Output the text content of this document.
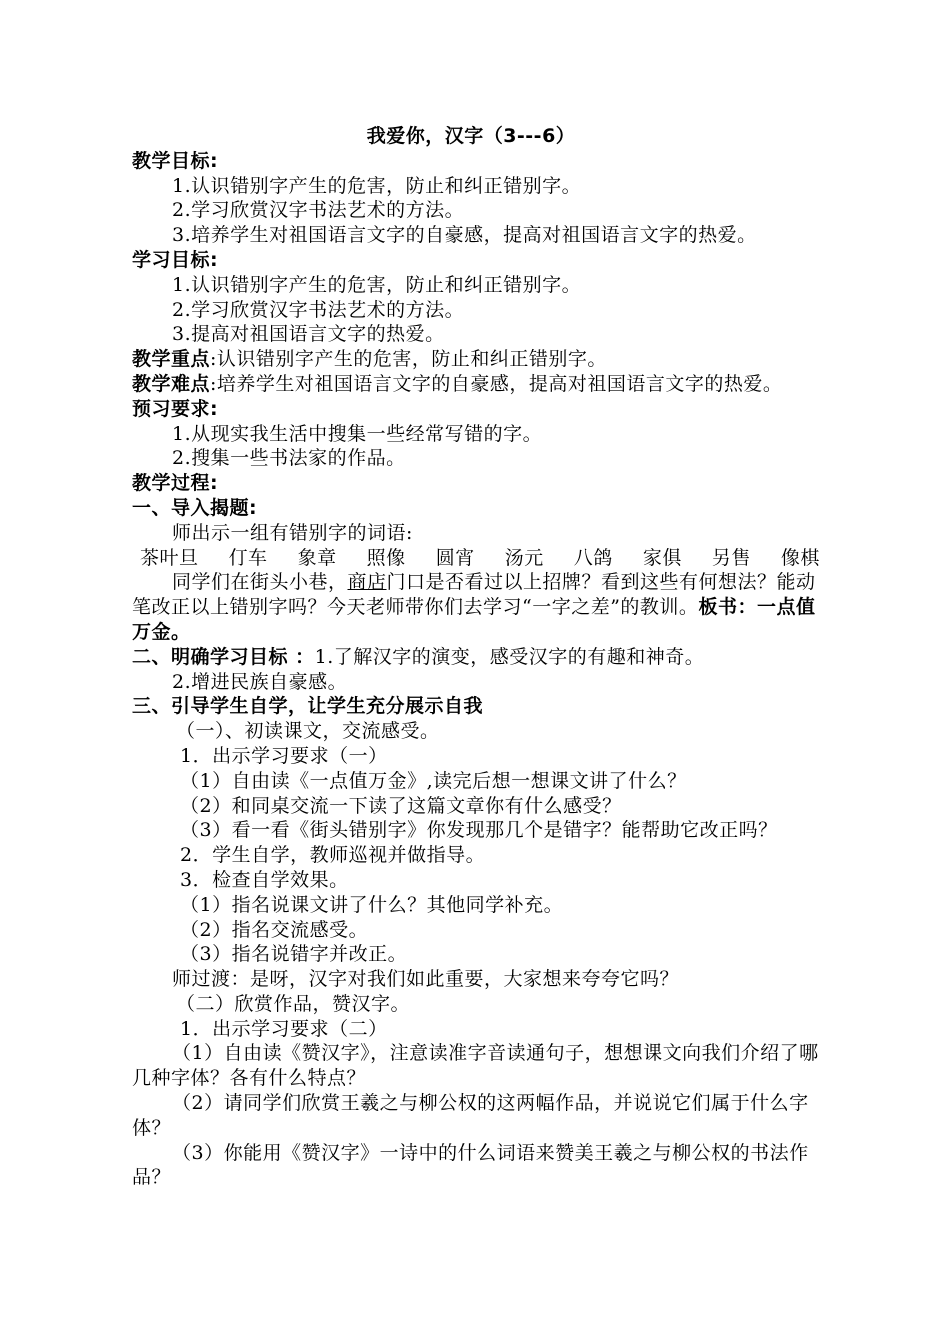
我爱你，汉字（3---6）
教学目标:
1.认识错别字产生的危害，防止和纠正错别字。
2.学习欣赏汉字书法艺术的方法。
3.培养学生对祖国语言文字的自豪感，提高对祖国语言文字的热爱。
学习目标:
1.认识错别字产生的危害，防止和纠正错别字。
2.学习欣赏汉字书法艺术的方法。
3.提高对祖国语言文字的热爱。
教学重点:认识错别字产生的危害，防止和纠正错别字。
教学难点:培养学生对祖国语言文字的自豪感，提高对祖国语言文字的热爱。
预习要求:
1.从现实我生活中搜集一些经常写错的字。
2.搜集一些书法家的作品。
教学过程:
一、导入揭题:
师出示一组有错别字的词语:
茶叶旦 仃车 象章 照像 圆宵 汤元 八鸽 家俱 另售 像棋
同学们在街头小巷，商店门口是否看过以上招牌？看到这些有何想法？能动笔改正以上错别字吗？今天老师带你们去学习“一字之差”的教训。板书：一点值万金。
二、明确学习目标 ：1.了解汉字的演变，感受汉字的有趣和神奇。
2.增进民族自豪感。
三、引导学生自学，让学生充分展示自我
（一）、初读课文，交流感受。
1．出示学习要求（一）
（1）自由读《一点值万金》,读完后想一想课文讲了什么？
（2）和同桌交流一下读了这篇文章你有什么感受？
（3）看一看《街头错别字》你发现那几个是错字？能帮助它改正吗？
2．学生自学，教师巡视并做指导。
3．检查自学效果。
（1）指名说课文讲了什么？其他同学补充。
（2）指名交流感受。
（3）指名说错字并改正。
师过渡：是呀，汉字对我们如此重要，大家想来夸夸它吗？
（二）欣赏作品，赞汉字。
1．出示学习要求（二）
（1）自由读《赞汉字》，注意读准字音读通句子，想想课文向我们介绍了哪几种字体？各有什么特点？
（2）请同学们欣赏王羲之与柳公权的这两幅作品，并说说它们属于什么字体？
（3）你能用《赞汉字》一诗中的什么词语来赞美王羲之与柳公权的书法作品？
